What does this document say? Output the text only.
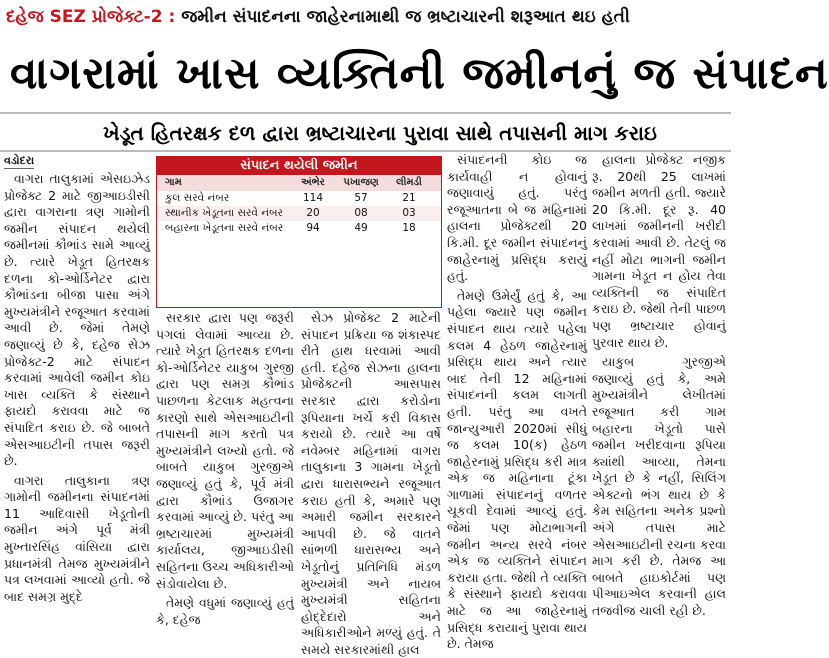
દહેજ SEZ પ્રોજેક્ટ-2 : જમીન સંપાદનના જાહેરનામાથી જ ભ્રષ્ટાચારની શરૂઆત થઇ હતી
વાગરામાં ખાસ વ્યક્તિની જમીનનું જ સંપાદન
ખેડૂત હિતરક્ષક દળ દ્વારા ભ્રષ્ટાચારના પુરાવા સાથે તપાસની માગ કરાઇ
વડોદરા

વાગરા તાલુકામાં એસઇઝેડ પ્રોજેક્ટ 2 માટે જીઆઇડીસી દ્વારા વાગરાના ત્રણ ગામોની જમીન સંપાદન થયેલી જમીનમાં કૌભાંડ સામે આવ્યું છે. ત્યારે ખેડૂત હિતરક્ષક દળના કો-ઓર્ડિનેટર દ્વારા કૌભાંડના બીજા પાસા અંગે મુખ્યમંત્રીને રજૂઆત કરવામાં આવી છે. જેમાં તેમણે જણાવ્યું છે કે, દહેજ સેઝ પ્રોજેક્ટ-2 માટે સંપાદન કરવામાં આવેલી જમીન કોઇ ખાસ વ્યક્તિ કે સંસ્થાને ફાયદો કરાવવા માટે જ સંપાદિત કરાઇ છે. જે બાબતે એસઆઇટીની તપાસ જરૂરી છે.

વાગરા તાલુકાના ત્રણ ગામોની જમીનના સંપાદનમાં 11 આદિવાસી ખેડૂતોની જમીન અંગે પૂર્વ મંત્રી મુખ્તારસિંહ વાંસિયા દ્વારા પ્રધાનમંત્રી તેમજ મુખ્યમંત્રીને પત્ર લખવામાં આવ્યો હતો. જે બાદ સમગ્ર મુદ્દે

સંપાદન થયેલી જમીન
ગામ	અંભેર	પખાજણ	લીમડી
કુલ સરવે નંબર	114	57	21
સ્થાનીક ખેડૂતના સરવે નંબર	20	08	03
બહારના ખેડૂતના સરવે નંબર	94	49	18

સરકાર દ્વારા પણ જરૂરી પગલાં લેવામાં આવ્યા છે. ત્યારે ખેડૂત હિતરક્ષક દળના કો-ઓર્ડિનેટર યાકુબ ગુરજી દ્વારા પણ સમગ્ર કૌભાંડ પાછળના કેટલાક મહત્વના કારણો સાથે એસઆઇટીની તપાસની માગ કરતો પત્ર મુખ્યમંત્રીને લખ્યો હતો. જે બાબતે યાકુબ ગુરજીએ જણાવ્યું હતું કે, પૂર્વ મંત્રી દ્વારા કૌભાંડ ઉજાગર કરવામાં આવ્યું છે. પરંતુ આ ભ્રષ્ટાચારમાં મુખ્યમંત્રી કાર્યાલય, જીઆઇડીસી સહિતના ઉચ્ચ અધિકારીઓ સંડોવાયેલા છે.

તેમણે વધુમાં જણાવ્યું હતું કે, દહેજ

સેઝ પ્રોજેક્ટ 2 માટેની સંપાદન પ્રક્રિયા જ શંકાસ્પદ રીતે હાથ ધરવામાં આવી હતી. દહેજ સેઝના હાલના પ્રોજેક્ટની આસપાસ સરકાર દ્વારા કરોડોના રૂપિયાના ખર્ચે કરી વિકાસ કરાયો છે. ત્યારે આ વર્ષે નવેમ્બર મહિનામાં વાગરા તાલુકાના 3 ગામના ખેડૂતો દ્વારા ધારાસભ્યને રજૂઆત કરાઇ હતી કે, અમારે પણ અમારી જમીન સરકારને આપવી છે. જે વાતને સાંભળી ધારાસભ્ય અને ખેડૂતોનું પ્રતિનિધિ મંડળ મુખ્યમંત્રી અને નાયબ મુખ્યમંત્રી સહિતના હોદ્દેદારો અને અધિકારીઓને મળ્યું હતું. તે સમયે સરકારમાંથી હાલ

સંપાદનની કોઇ જ કાર્યવાહી ન હોવાનું જણાવાયું હતું. પરંતુ રજૂઆતના બે જ મહિનામાં હાલના પ્રોજેક્ટથી 20 કિ.મી. દૂર જમીન સંપાદનનું જાહેરનામું પ્રસિદ્ધ કરાયું હતું.

તેમણે ઉમેર્યું હતું કે, આ પહેલા જ્યારે પણ જમીન સંપાદન થાય ત્યારે પહેલા કલમ 4 હેઠળ જાહેરનામું પ્રસિદ્ધ થાય અને ત્યાર બાદ તેની 12 મહિનામાં સંપાદનની કલમ લાગતી હતી. પરંતુ આ વખતે જાન્યુઆરી 2020માં સીધું જ કલમ 10(ક) હેઠળ જાહેરનામું પ્રસિદ્ધ કરી માત્ર એક જ મહિનાના ટૂંકા ગાળામાં સંપાદનનું વળતર ચૂકવી દેવામાં આવ્યું હતું. જેમાં પણ મોટાભાગની જમીન અન્ય સરવે નંબર એક જ વ્યક્તિને સંપાદન કરાયા હતા. જેથી તે વ્યક્તિ કે સંસ્થાને ફાયદો કરાવવા માટે જ આ જાહેરનામું પ્રસિદ્ધ કરાયાનું પુરાવા થાય છે. તેમજ

હાલના પ્રોજેક્ટ નજીક રૂ. 20થી 25 લાખમાં જમીન મળતી હતી. જ્યારે 20 કિ.મી. દૂર રૂ. 40 લાખમાં જમીનની ખરીદી કરવામાં આવી છે. તેટલું જ નહીં મોટા ભાગની જમીન ગામના ખેડૂત ન હોય તેવા વ્યક્તિની જ સંપાદિત કરાઇ છે. જેથી તેની પાછળ પણ ભ્રષ્ટાચાર હોવાનું પુરવાર થાય છે.

યાકુબ ગુરજીએ જણાવ્યું હતું કે, અમે મુખ્યમંત્રીને લેખીતમાં રજૂઆત કરી ગામ બહારના ખેડૂતો પાસે જમીન ખરીદવાના રૂપિયા ક્યાંથી આવ્યા, તેમના ખેડૂત છે કે નહીં, સિલિંગ એક્ટનો ભંગ થાય છે કે કેમ સહિતના અનેક પ્રશ્નો અંગે તપાસ માટે એસઆઇટીની રચના કરવા માગ કરી છે. તેમજ આ બાબતે હાઇકોર્ટમાં પણ પીઆઇએલ કરવાની હાલ તજવીજ ચાલી રહી છે.
